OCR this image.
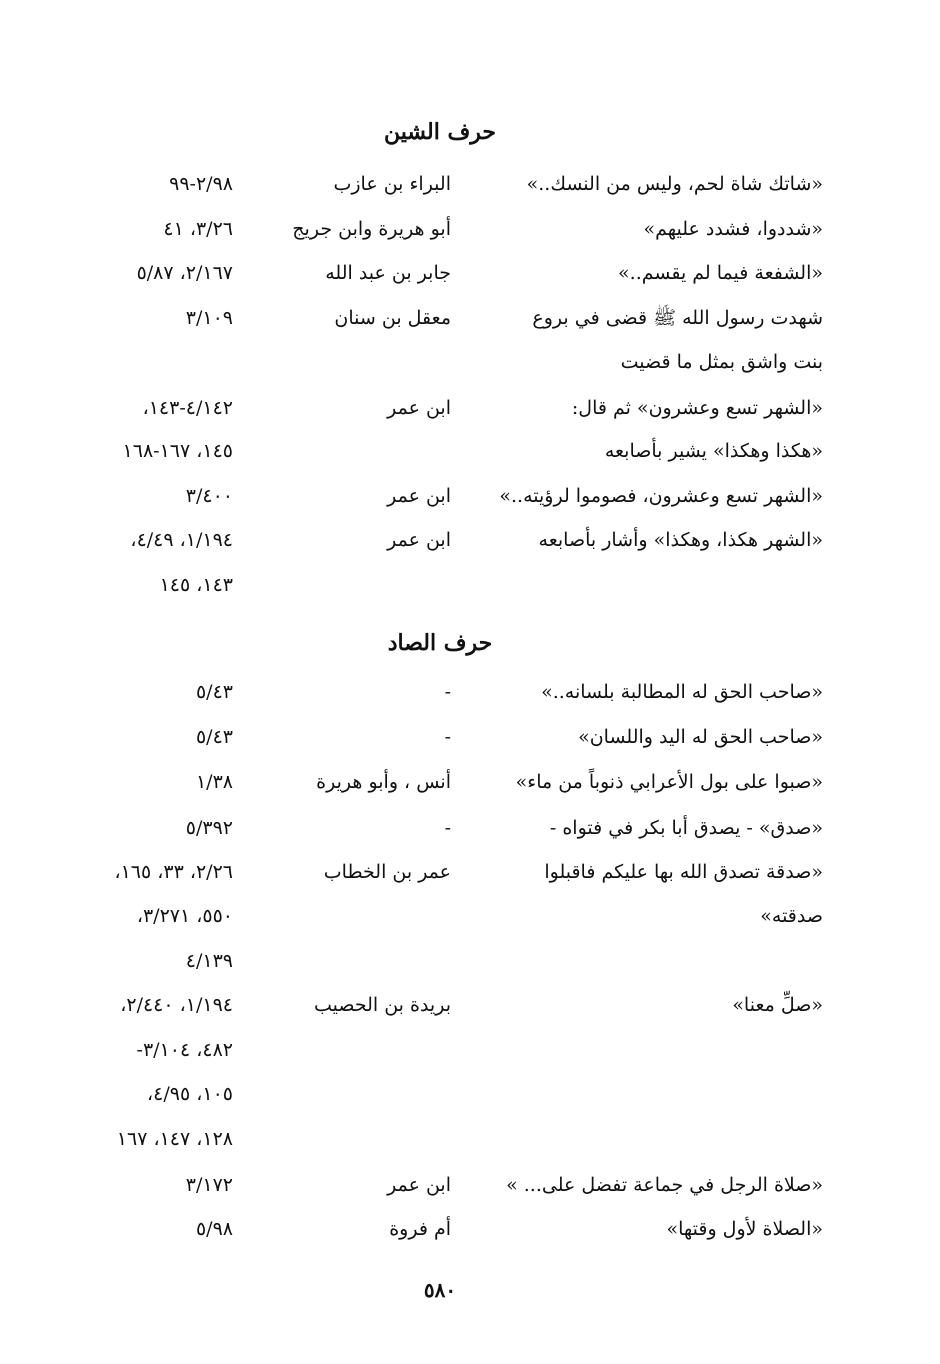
حرف الشين
«شاتك شاة لحم، وليس من النسك..»
البراء بن عازب
٢/٩٨-٩٩
«شددوا، فشدد عليهم»
أبو هريرة وابن جريج
٣/٢٦، ٤١
«الشفعة فيما لم يقسم..»
جابر بن عبد الله
٢/١٦٧، ٥/٨٧
شهدت رسول الله ﷺ قضى في بروع
معقل بن سنان
٣/١٠٩
بنت واشق بمثل ما قضيت
«الشهر تسع وعشرون» ثم قال:
ابن عمر
٤/١٤٢-١٤٣،
«هكذا وهكذا» يشير بأصابعه
١٤٥، ١٦٧-١٦٨
«الشهر تسع وعشرون، فصوموا لرؤيته..»
ابن عمر
٣/٤٠٠
«الشهر هكذا، وهكذا» وأشار بأصابعه
ابن عمر
١/١٩٤، ٤/٤٩،
١٤٣، ١٤٥
حرف الصاد
«صاحب الحق له المطالبة بلسانه..»
-
٥/٤٣
«صاحب الحق له اليد واللسان»
-
٥/٤٣
«صبوا على بول الأعرابي ذنوباً من ماء»
أنس ، وأبو هريرة
١/٣٨
«صدق» - يصدق أبا بكر في فتواه -
-
٥/٣٩٢
«صدقة تصدق الله بها عليكم فاقبلوا
عمر بن الخطاب
٢/٢٦، ٣٣، ١٦٥،
صدقته»
٥٥٠، ٣/٢٧١،
٤/١٣٩
«صلِّ معنا»
بريدة بن الحصيب
١/١٩٤، ٢/٤٤٠،
٤٨٢، ٣/١٠٤-
١٠٥، ٤/٩٥،
١٢٨، ١٤٧، ١٦٧
«صلاة الرجل في جماعة تفضل على... »
ابن عمر
٣/١٧٢
«الصلاة لأول وقتها»
أم فروة
٥/٩٨
٥٨٠
